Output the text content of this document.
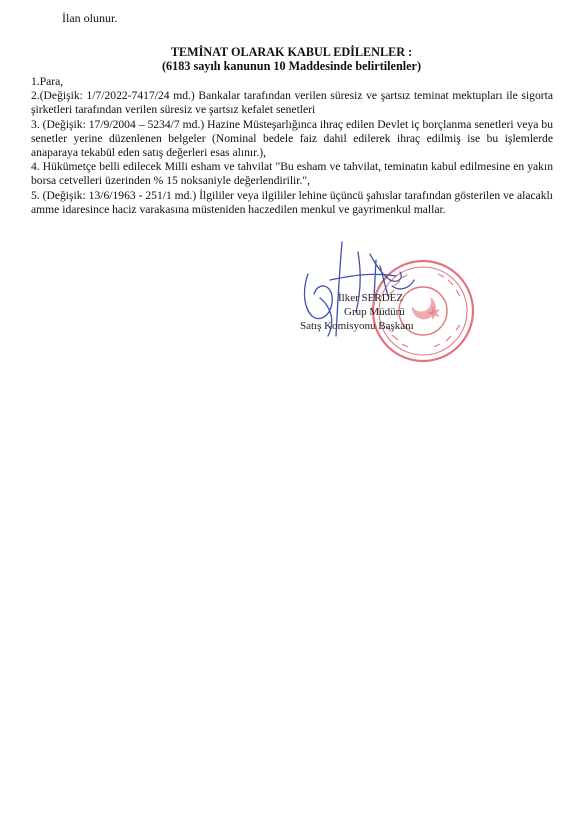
İlan olunur.
TEMİNAT OLARAK KABUL EDİLENLER :
(6183 sayılı kanunun 10 Maddesinde belirtilenler)

1.Para,

2.(Değişik: 1/7/2022-7417/24 md.) Bankalar tarafından verilen süresiz ve şartsız teminat mektupları ile sigorta şirketleri tarafından verilen süresiz ve şartsız kefalet senetleri

3. (Değişik: 17/9/2004 – 5234/7 md.) Hazine Müsteşarlığınca ihraç edilen Devlet iç borçlanma senetleri veya bu senetler yerine düzenlenen belgeler (Nominal bedele faiz dahil edilerek ihraç edilmiş ise bu işlemlerde anaparaya tekabül eden satış değerleri esas alınır.),

4. Hükümetçe belli edilecek Milli esham ve tahvilat "Bu esham ve tahvilat, teminatın kabul edilmesine en yakın borsa cetvelleri üzerinden % 15 noksaniyle değerlendirilir.",

5. (Değişik: 13/6/1963 - 251/1 md.) İlgililer veya ilgililer lehine üçüncü şahıslar tarafından gösterilen ve alacaklı amme idaresince haciz varakasına müsteniden haczedilen menkul ve gayrimenkul mallar.

İlker SERDEZ
Grup Müdürü
Satış Komisyonu Başkanı
